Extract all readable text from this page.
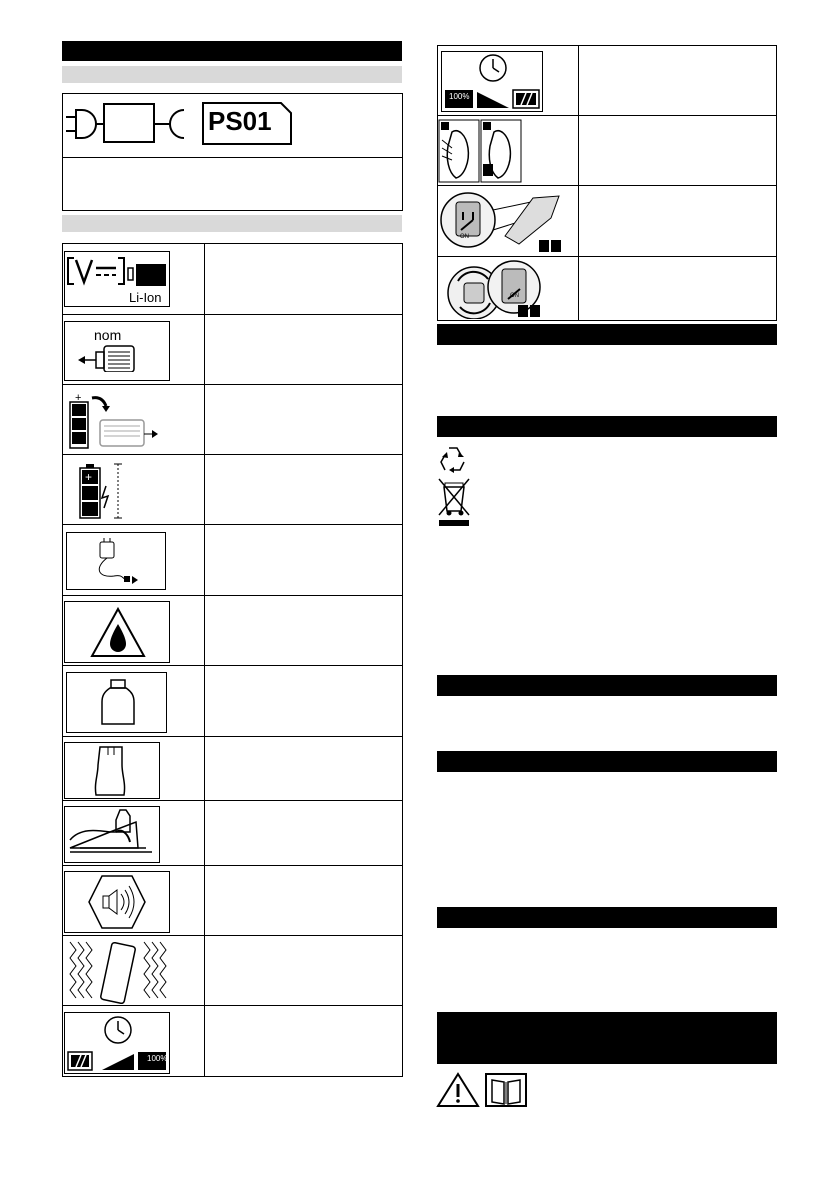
PS01
Li-Ion
nom
+
+
100%
100%
ON
ON
